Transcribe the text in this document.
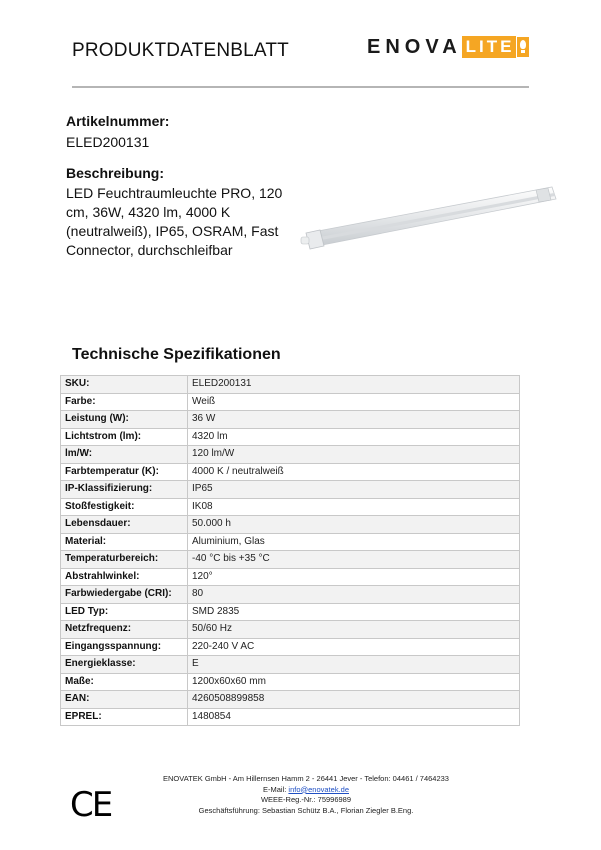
PRODUKTDATENBLATT	ENOVA LITE
Artikelnummer:
ELED200131
Beschreibung:
LED Feuchtraumleuchte PRO, 120 cm, 36W, 4320 lm, 4000 K (neutralweiß), IP65, OSRAM, Fast Connector, durchschleifbar
Technische Spezifikationen
SKU:	ELED200131
Farbe:	Weiß
Leistung (W):	36 W
Lichtstrom (lm):	4320 lm
lm/W:	120 lm/W
Farbtemperatur (K):	4000 K / neutralweiß
IP-Klassifizierung:	IP65
Stoßfestigkeit:	IK08
Lebensdauer:	50.000 h
Material:	Aluminium, Glas
Temperaturbereich:	-40 °C bis +35 °C
Abstrahlwinkel:	120°
Farbwiedergabe (CRI):	80
LED Typ:	SMD 2835
Netzfrequenz:	50/60 Hz
Eingangsspannung:	220-240 V AC
Energieklasse:	E
Maße:	1200x60x60 mm
EAN:	4260508899858
EPREL:	1480854
CE
ENOVATEK GmbH - Am Hillernsen Hamm 2 - 26441 Jever - Telefon: 04461 / 7464233
E-Mail: info@enovatek.de
WEEE-Reg.-Nr.: 75996989
Geschäftsführung: Sebastian Schütz B.A., Florian Ziegler B.Eng.
